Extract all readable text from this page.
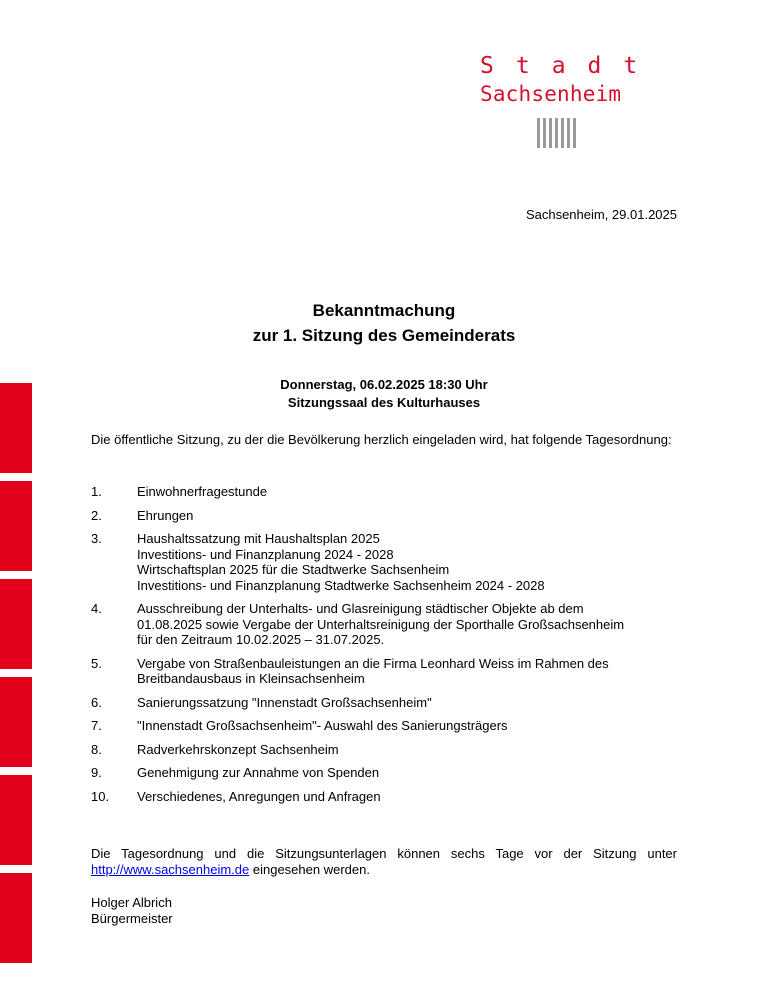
Stadt
Sachsenheim
Sachsenheim, 29.01.2025
Bekanntmachung
zur 1. Sitzung des Gemeinderats
Donnerstag, 06.02.2025 18:30 Uhr
Sitzungssaal des Kulturhauses
Die öffentliche Sitzung, zu der die Bevölkerung herzlich eingeladen wird, hat folgende Tagesordnung:
1.	Einwohnerfragestunde
2.	Ehrungen
3.	Haushaltssatzung mit Haushaltsplan 2025
Investitions- und Finanzplanung 2024 - 2028
Wirtschaftsplan 2025 für die Stadtwerke Sachsenheim
Investitions- und Finanzplanung Stadtwerke Sachsenheim 2024 - 2028
4.	Ausschreibung der Unterhalts- und Glasreinigung städtischer Objekte ab dem
01.08.2025 sowie Vergabe der Unterhaltsreinigung der Sporthalle Großsachsenheim
für den Zeitraum 10.02.2025 – 31.07.2025.
5.	Vergabe von Straßenbauleistungen an die Firma Leonhard Weiss im Rahmen des
Breitbandausbaus in Kleinsachsenheim
6.	Sanierungssatzung "Innenstadt Großsachsenheim"
7.	"Innenstadt Großsachsenheim"- Auswahl des Sanierungsträgers
8.	Radverkehrskonzept Sachsenheim
9.	Genehmigung zur Annahme von Spenden
10.	Verschiedenes, Anregungen und Anfragen
Die Tagesordnung und die Sitzungsunterlagen können sechs Tage vor der Sitzung unter http://www.sachsenheim.de eingesehen werden.
Holger Albrich
Bürgermeister
